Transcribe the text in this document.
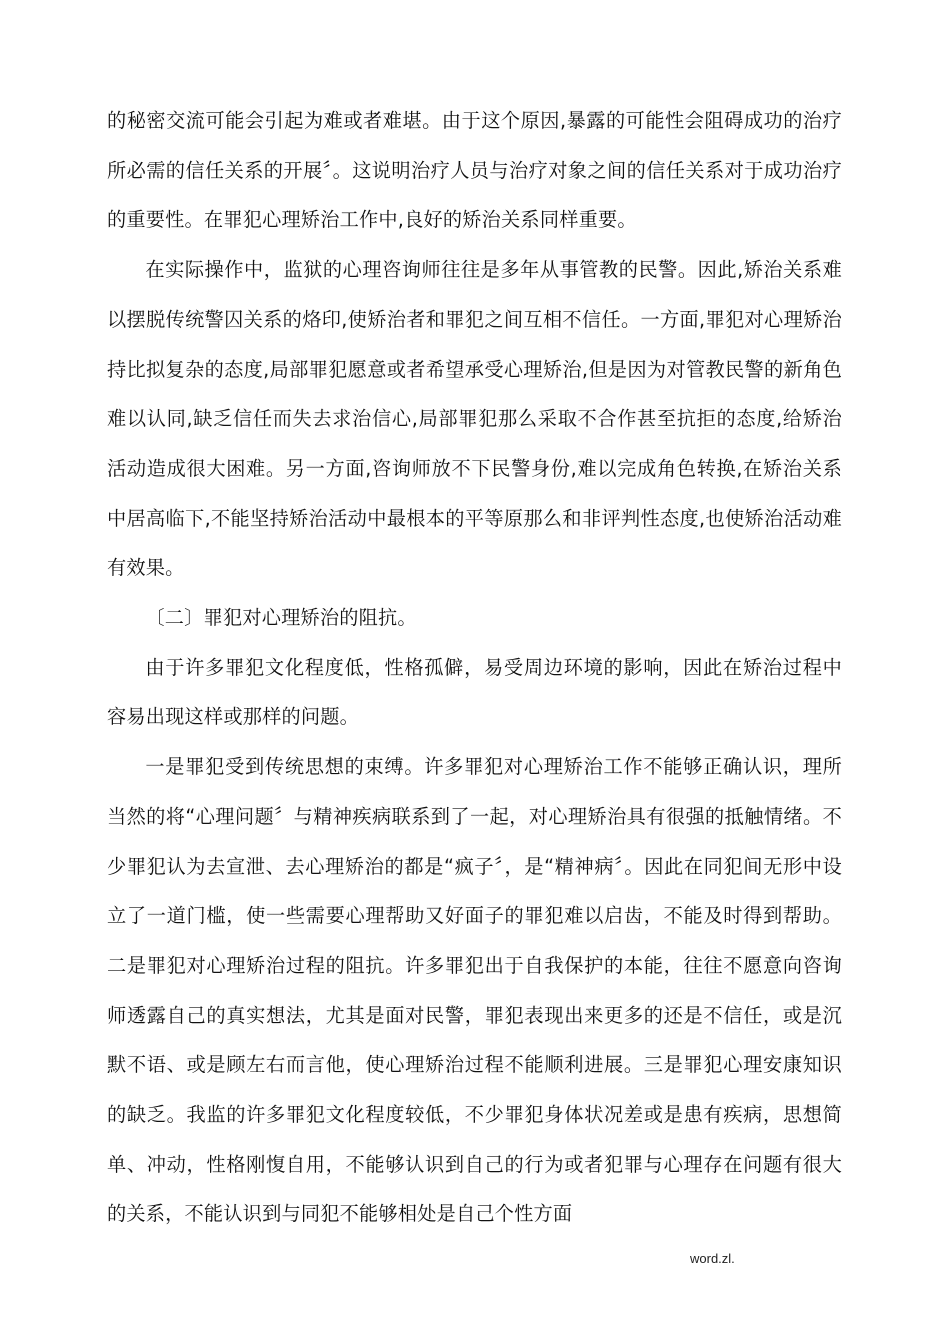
的秘密交流可能会引起为难或者难堪。由于这个原因,暴露的可能性会阻碍成功的治疗所必需的信任关系的开展〞。这说明治疗人员与治疗对象之间的信任关系对于成功治疗的重要性。在罪犯心理矫治工作中,良好的矫治关系同样重要。

在实际操作中，监狱的心理咨询师往往是多年从事管教的民警。因此,矫治关系难以摆脱传统警囚关系的烙印,使矫治者和罪犯之间互相不信任。一方面,罪犯对心理矫治持比拟复杂的态度,局部罪犯愿意或者希望承受心理矫治,但是因为对管教民警的新角色难以认同,缺乏信任而失去求治信心,局部罪犯那么采取不合作甚至抗拒的态度,给矫治活动造成很大困难。另一方面,咨询师放不下民警身份,难以完成角色转换,在矫治关系中居高临下,不能坚持矫治活动中最根本的平等原那么和非评判性态度,也使矫治活动难有效果。

〔二〕罪犯对心理矫治的阻抗。

由于许多罪犯文化程度低，性格孤僻，易受周边环境的影响，因此在矫治过程中容易出现这样或那样的问题。

一是罪犯受到传统思想的束缚。许多罪犯对心理矫治工作不能够正确认识，理所当然的将“心理问题〞与精神疾病联系到了一起，对心理矫治具有很强的抵触情绪。不少罪犯认为去宣泄、去心理矫治的都是“疯子〞，是“精神病〞。因此在同犯间无形中设立了一道门槛，使一些需要心理帮助又好面子的罪犯难以启齿，不能及时得到帮助。二是罪犯对心理矫治过程的阻抗。许多罪犯出于自我保护的本能，往往不愿意向咨询师透露自己的真实想法，尤其是面对民警，罪犯表现出来更多的还是不信任，或是沉默不语、或是顾左右而言他，使心理矫治过程不能顺利进展。三是罪犯心理安康知识的缺乏。我监的许多罪犯文化程度较低，不少罪犯身体状况差或是患有疾病，思想简单、冲动，性格刚愎自用，不能够认识到自己的行为或者犯罪与心理存在问题有很大的关系，不能认识到与同犯不能够相处是自己个性方面

word.zl.
